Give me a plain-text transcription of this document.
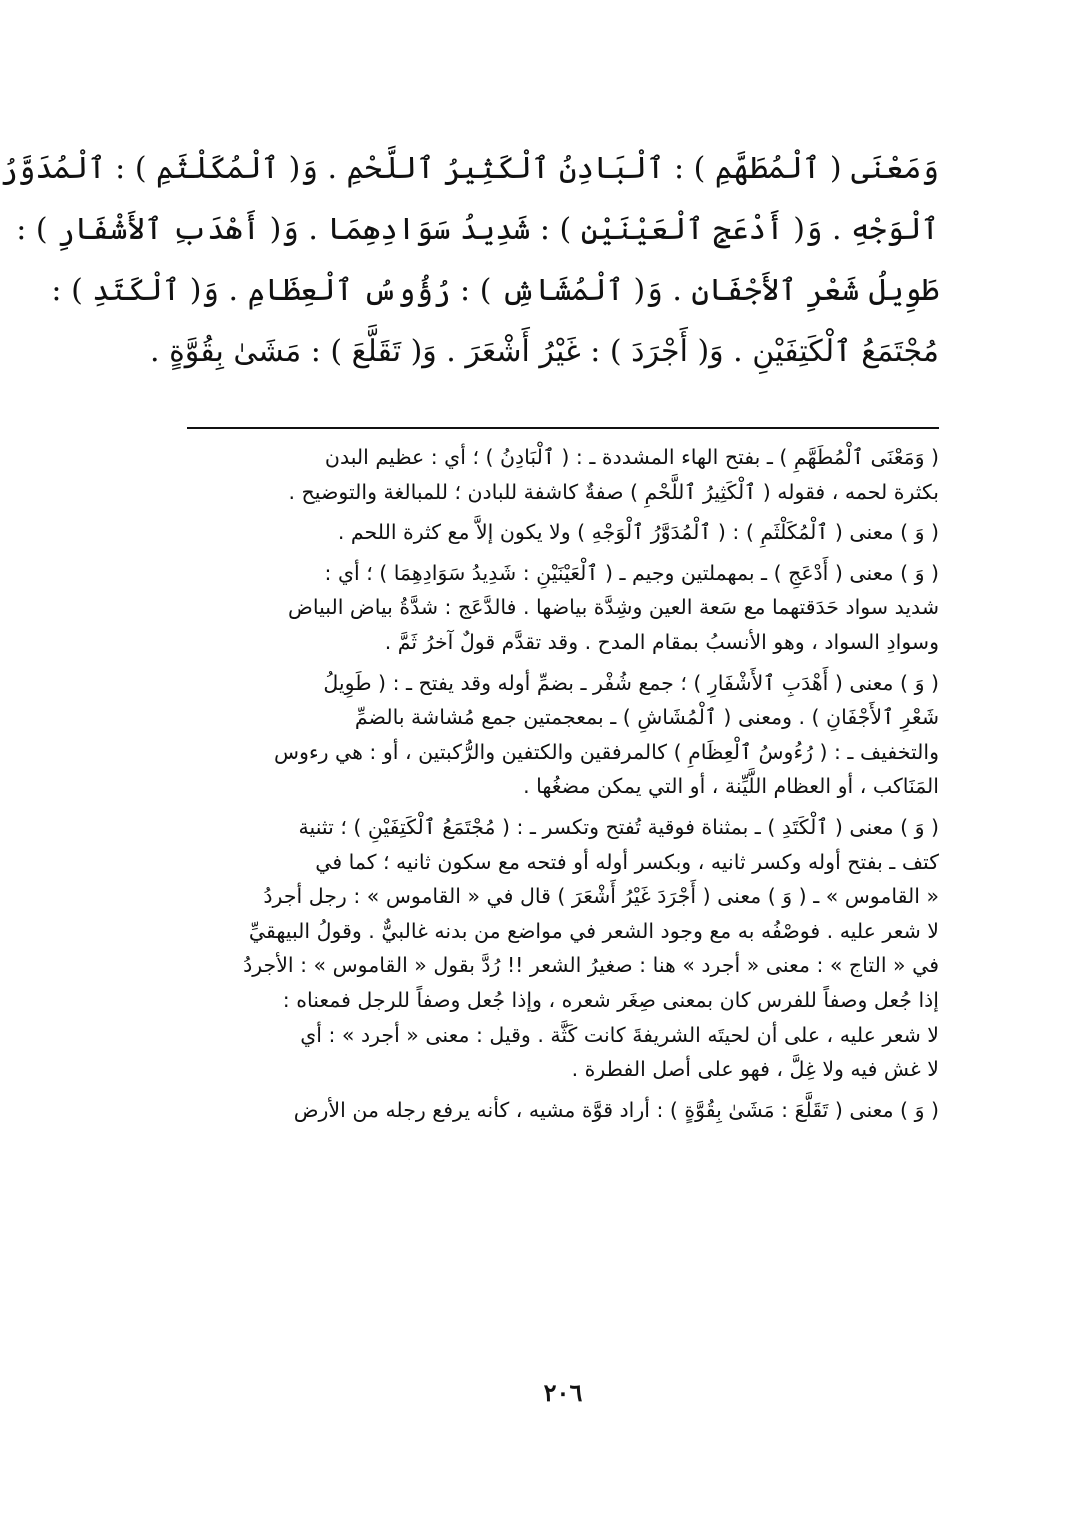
وَمَعْنَى ( ٱلْمُطَهَّمِ ) : ٱلْبَادِنُ ٱلْكَثِيرُ ٱللَّحْمِ . وَ( ٱلْمُكَلْثَمِ ) : ٱلْمُدَوَّرُ
ٱلْوَجْهِ . وَ( أَدْعَجِ ٱلْعَيْنَيْنِ ) : شَدِيدُ سَوَادِهِمَا . وَ( أَهْدَبِ ٱلأَشْفَارِ ) :
طَوِيلُ شَعْرِ ٱلأَجْفَانِ . وَ( ٱلْمُشَاشِ ) : رُؤُوسُ ٱلْعِظَامِ . وَ( ٱلْكَتَدِ ) :
مُجْتَمَعُ ٱلْكَتِفَيْنِ . وَ( أَجْرَدَ ) : غَيْرُ أَشْعَرَ . وَ( تَقَلَّعَ ) : مَشَىٰ بِقُوَّةٍ .

( وَمَعْنَى ٱلْمُطَهَّمِ ) ـ بفتح الهاء المشددة ـ : ( ٱلْبَادِنُ ) ؛ أي : عظيم البدن
بكثرة لحمه ، فقوله ( ٱلْكَثِيرُ ٱللَّحْمِ ) صفةٌ كاشفة للبادن ؛ للمبالغة والتوضيح .

( وَ ) معنى ( ٱلْمُكَلْثَمِ ) : ( ٱلْمُدَوَّرُ ٱلْوَجْهِ ) ولا يكون إلاَّ مع كثرة اللحم .

( وَ ) معنى ( أَدْعَجِ ) ـ بمهملتين وجيم ـ ( ٱلْعَيْنَيْنِ : شَدِيدُ سَوَادِهِمَا ) ؛ أي :
شديد سواد حَدَقتهما مع سَعة العين وشِدَّة بياضها . فالدَّعَج : شدَّةُ بياض البياض
وسوادِ السواد ، وهو الأنسبُ بمقام المدح . وقد تقدَّم قولٌ آخرُ ثَمَّ .

( وَ ) معنى ( أَهْدَبِ ٱلأَشْفَارِ ) ؛ جمع شُفْر ـ بضمِّ أوله وقد يفتح ـ : ( طَوِيلُ
شَعْرِ ٱلأَجْفَانِ ) . ومعنى ( ٱلْمُشَاشِ ) ـ بمعجمتين جمع مُشاشة بالضمِّ
والتخفيف ـ : ( رُءُوسُ ٱلْعِظَامِ ) كالمرفقين والكتفين والرُّكبتين ، أو : هي رءوس
المَنَاكب ، أو العظام اللَّيِّنة ، أو التي يمكن مضغُها .

( وَ ) معنى ( ٱلْكَتَدِ ) ـ بمثناة فوقية تُفتح وتكسر ـ : ( مُجْتَمَعُ ٱلْكَتِفَيْنِ ) ؛ تثنية
كتف ـ بفتح أوله وكسر ثانيه ، وبكسر أوله أو فتحه مع سكون ثانيه ؛ كما في
« القاموس » ـ ( وَ ) معنى ( أَجْرَدَ غَيْرُ أَشْعَرَ ) قال في « القاموس » : رجل أجردُ
لا شعر عليه . فوصْفُه به مع وجود الشعر في مواضع من بدنه غالبيٌّ . وقولُ البيهقيِّ
في « التاج » : معنى « أجرد » هنا : صغيرُ الشعر !! رُدَّ بقول « القاموس » : الأجردُ
إذا جُعل وصفاً للفرس كان بمعنى صِغَر شعره ، وإذا جُعل وصفاً للرجل فمعناه :
لا شعر عليه ، على أن لحيتَه الشريفةَ كانت كَثَّة . وقيل : معنى « أجرد » : أي
لا غش فيه ولا غِلَّ ، فهو على أصل الفطرة .

( وَ ) معنى ( تَقَلَّعَ : مَشَىٰ بِقُوَّةٍ ) : أراد قوَّة مشيه ، كأنه يرفع رجله من الأرض

٢٠٦
